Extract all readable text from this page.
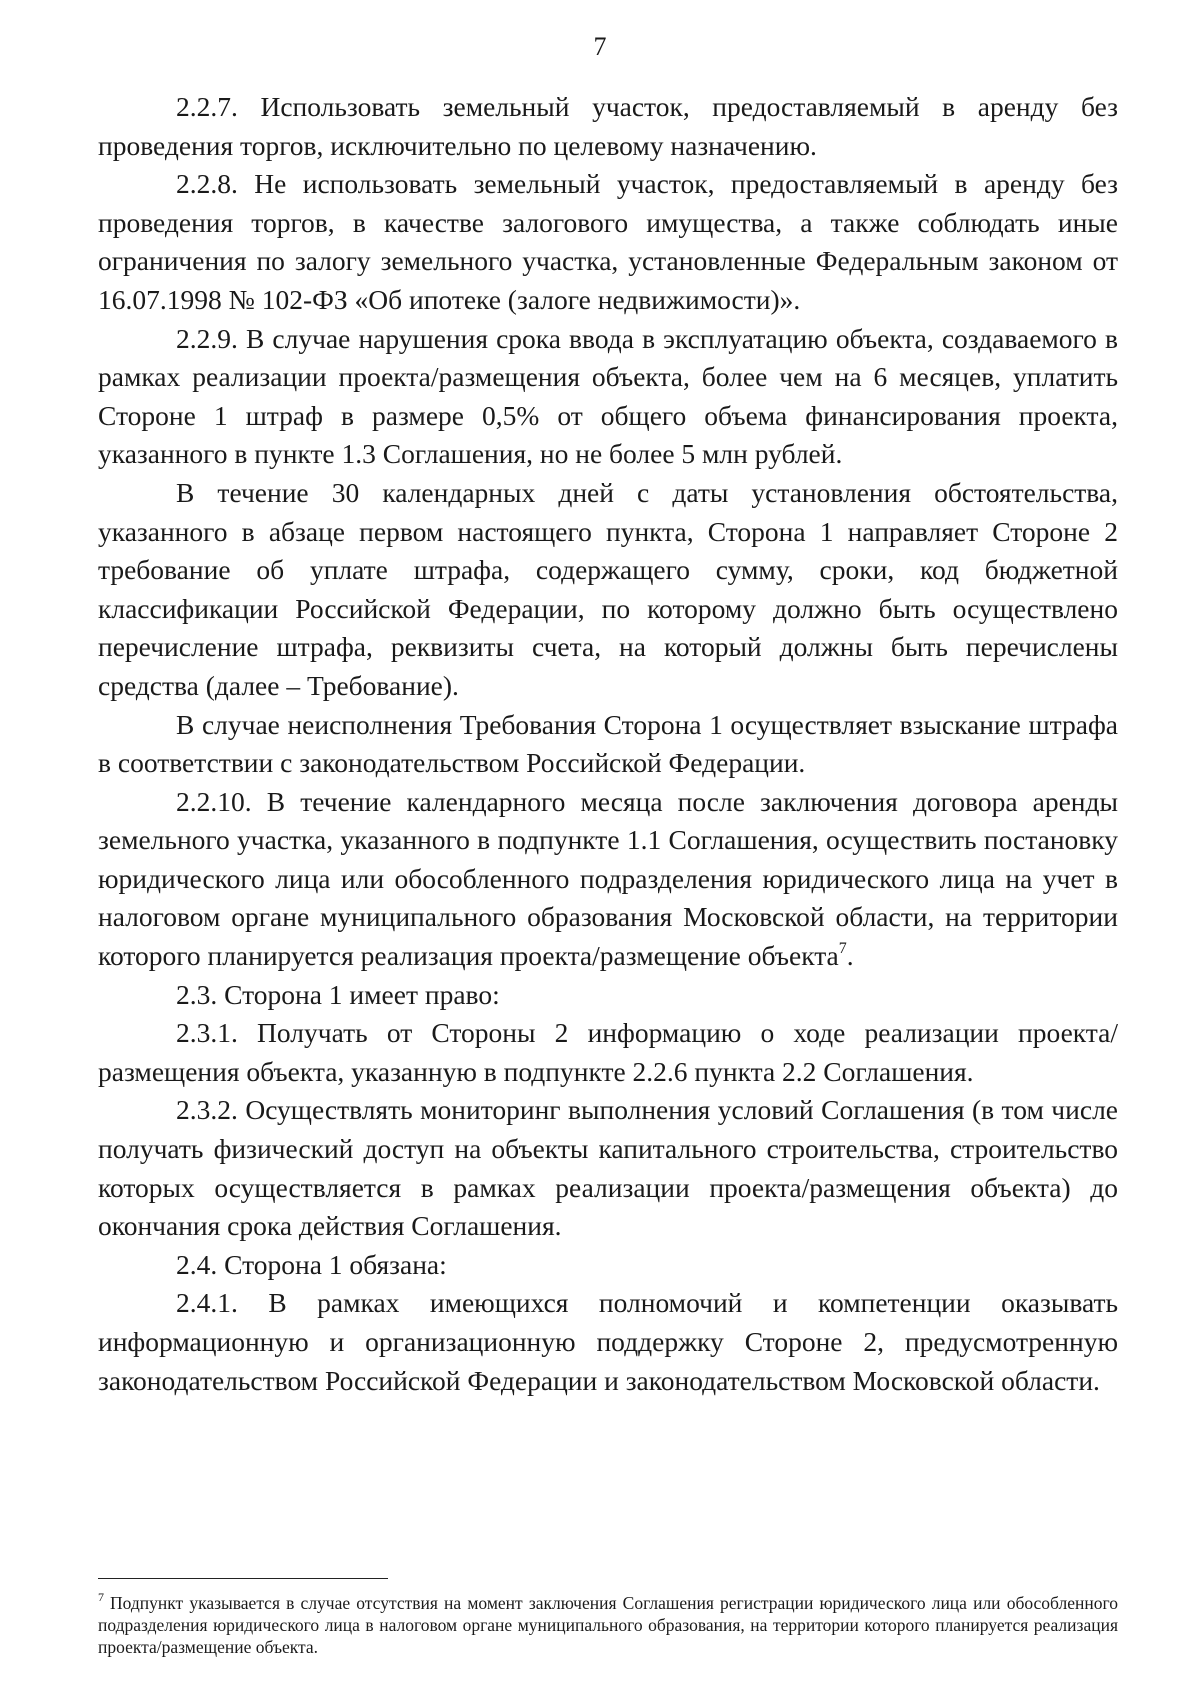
7

2.2.7. Использовать земельный участок, предоставляемый в аренду без проведения торгов, исключительно по целевому назначению.

2.2.8. Не использовать земельный участок, предоставляемый в аренду без проведения торгов, в качестве залогового имущества, а также соблюдать иные ограничения по залогу земельного участка, установленные Федеральным законом от 16.07.1998 № 102-ФЗ «Об ипотеке (залоге недвижимости)».

2.2.9. В случае нарушения срока ввода в эксплуатацию объекта, создаваемого в рамках реализации проекта/размещения объекта, более чем на 6 месяцев, уплатить Стороне 1 штраф в размере 0,5% от общего объема финансирования проекта, указанного в пункте 1.3 Соглашения, но не более 5 млн рублей.

В течение 30 календарных дней с даты установления обстоятельства, указанного в абзаце первом настоящего пункта, Сторона 1 направляет Стороне 2 требование об уплате штрафа, содержащего сумму, сроки, код бюджетной классификации Российской Федерации, по которому должно быть осуществлено перечисление штрафа, реквизиты счета, на который должны быть перечислены средства (далее – Требование).

В случае неисполнения Требования Сторона 1 осуществляет взыскание штрафа в соответствии с законодательством Российской Федерации.

2.2.10. В течение календарного месяца после заключения договора аренды земельного участка, указанного в подпункте 1.1 Соглашения, осуществить постановку юридического лица или обособленного подразделения юридического лица на учет в налоговом органе муниципального образования Московской области, на территории которого планируется реализация проекта/размещение объекта$^7$.

2.3. Сторона 1 имеет право:

2.3.1. Получать от Стороны 2 информацию о ходе реализации проекта/размещения объекта, указанную в подпункте 2.2.6 пункта 2.2 Соглашения.

2.3.2. Осуществлять мониторинг выполнения условий Соглашения (в том числе получать физический доступ на объекты капитального строительства, строительство которых осуществляется в рамках реализации проекта/размещения объекта) до окончания срока действия Соглашения.

2.4. Сторона 1 обязана:

2.4.1. В рамках имеющихся полномочий и компетенции оказывать информационную и организационную поддержку Стороне 2, предусмотренную законодательством Российской Федерации и законодательством Московской области.

$^7$ Подпункт указывается в случае отсутствия на момент заключения Соглашения регистрации юридического лица или обособленного подразделения юридического лица в налоговом органе муниципального образования, на территории которого планируется реализация проекта/размещение объекта.
